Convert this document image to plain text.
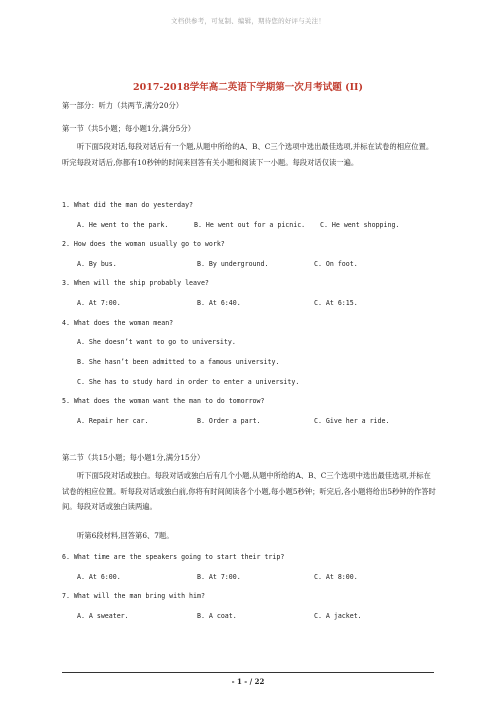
文档供参考，可复制、编辑，期待您的好评与关注！
2017-2018学年高二英语下学期第一次月考试题 (II)
第一部分：听力（共两节,满分20分）
第一节（共5小题；每小题1分,满分5分）
听下面5段对话,每段对话后有一个题,从题中所给的A、B、C三个选项中选出最佳选项,并标在试卷的相应位置。听完每段对话后,你都有10秒钟的时间来回答有关小题和阅读下一小题。每段对话仅读一遍。
1. What did the man do yesterday?
A. He went to the park.	B. He went out for a picnic. C. He went shopping.
2. How does the woman usually go to work?
A. By bus.	B. By underground.	C. On foot.
3. When will the ship probably leave?
A. At 7:00.	B. At 6:40.	C. At 6:15.
4. What does the woman mean?
A. She doesn’t want to go to university.
B. She hasn’t been admitted to a famous university.
C. She has to study hard in order to enter a university.
5. What does the woman want the man to do tomorrow?
A. Repair her car.	B. Order a part.	C. Give her a ride.
第二节（共15小题；每小题1分,满分15分）
听下面5段对话或独白。每段对话或独白后有几个小题,从题中所给的A、B、C三个选项中选出最佳选项,并标在试卷的相应位置。听每段对话或独白前,你将有时间阅读各个小题,每小题5秒钟；听完后,各小题将给出5秒钟的作答时间。每段对话或独白读两遍。
听第6段材料,回答第6、7题。
6. What time are the speakers going to start their trip?
A. At 6:00.	B. At 7:00.	C. At 8:00.
7. What will the man bring with him?
A. A sweater.	B. A coat.	C. A jacket.
- 1 - / 22
